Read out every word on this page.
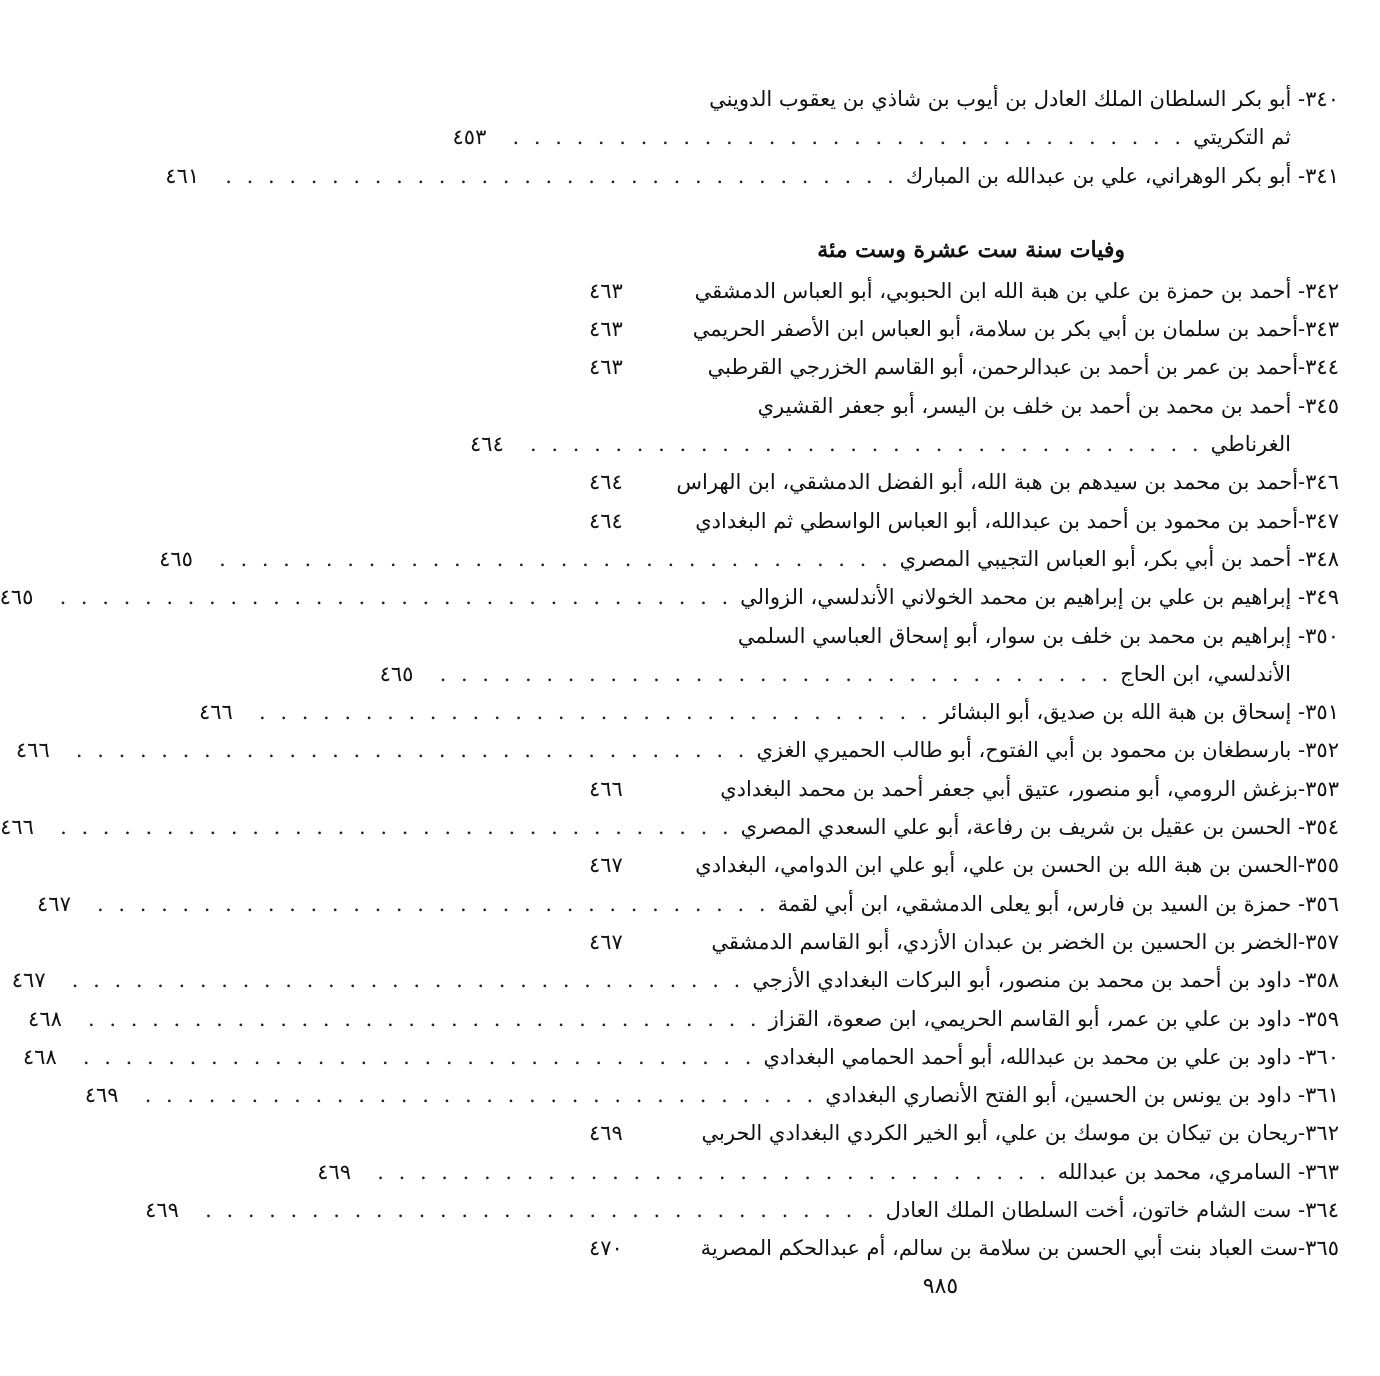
٣٤٠- أبو بكر السلطان الملك العادل بن أيوب بن شاذي بن يعقوب الدويني
ثم التكريتي
. . . . . . . . . . . . . . . . . . . . . . . . . . . . . . . .
٤٥٣
٣٤١- أبو بكر الوهراني، علي بن عبدالله بن المبارك
. . . . . . . . . . . . . . . . . . . . . . . . . . . . . . . .
٤٦١
وفيات سنة ست عشرة وست مئة
٣٤٢- أحمد بن حمزة بن علي بن هبة الله ابن الحبوبي، أبو العباس الدمشقي
٤٦٣
٣٤٣-أحمد بن سلمان بن أبي بكر بن سلامة، أبو العباس ابن الأصفر الحريمي
٤٦٣
٣٤٤-أحمد بن عمر بن أحمد بن عبدالرحمن، أبو القاسم الخزرجي القرطبي
٤٦٣
٣٤٥- أحمد بن محمد بن أحمد بن خلف بن اليسر، أبو جعفر القشيري
الغرناطي
. . . . . . . . . . . . . . . . . . . . . . . . . . . . . . . .
٤٦٤
٣٤٦-أحمد بن محمد بن سيدهم بن هبة الله، أبو الفضل الدمشقي، ابن الهراس
٤٦٤
٣٤٧-أحمد بن محمود بن أحمد بن عبدالله، أبو العباس الواسطي ثم البغدادي
٤٦٤
٣٤٨- أحمد بن أبي بكر، أبو العباس التجيبي المصري
. . . . . . . . . . . . . . . . . . . . . . . . . . . . . . . .
٤٦٥
٣٤٩- إبراهيم بن علي بن إبراهيم بن محمد الخولاني الأندلسي، الزوالي
. . . . . . . . . . . . . . . . . . . . . . . . . . . . . . . .
٤٦٥
٣٥٠- إبراهيم بن محمد بن خلف بن سوار، أبو إسحاق العباسي السلمي
الأندلسي، ابن الحاج
. . . . . . . . . . . . . . . . . . . . . . . . . . . . . . . .
٤٦٥
٣٥١- إسحاق بن هبة الله بن صديق، أبو البشائر
. . . . . . . . . . . . . . . . . . . . . . . . . . . . . . . .
٤٦٦
٣٥٢- بارسطغان بن محمود بن أبي الفتوح، أبو طالب الحميري الغزي
. . . . . . . . . . . . . . . . . . . . . . . . . . . . . . . .
٤٦٦
٣٥٣-بزغش الرومي، أبو منصور، عتيق أبي جعفر أحمد بن محمد البغدادي
٤٦٦
٣٥٤- الحسن بن عقيل بن شريف بن رفاعة، أبو علي السعدي المصري
. . . . . . . . . . . . . . . . . . . . . . . . . . . . . . . .
٤٦٦
٣٥٥-الحسن بن هبة الله بن الحسن بن علي، أبو علي ابن الدوامي، البغدادي
٤٦٧
٣٥٦- حمزة بن السيد بن فارس، أبو يعلى الدمشقي، ابن أبي لقمة
. . . . . . . . . . . . . . . . . . . . . . . . . . . . . . . .
٤٦٧
٣٥٧-الخضر بن الحسين بن الخضر بن عبدان الأزدي، أبو القاسم الدمشقي
٤٦٧
٣٥٨- داود بن أحمد بن محمد بن منصور، أبو البركات البغدادي الأزجي
. . . . . . . . . . . . . . . . . . . . . . . . . . . . . . . .
٤٦٧
٣٥٩- داود بن علي بن عمر، أبو القاسم الحريمي، ابن صعوة، القزاز
. . . . . . . . . . . . . . . . . . . . . . . . . . . . . . . .
٤٦٨
٣٦٠- داود بن علي بن محمد بن عبدالله، أبو أحمد الحمامي البغدادي
. . . . . . . . . . . . . . . . . . . . . . . . . . . . . . . .
٤٦٨
٣٦١- داود بن يونس بن الحسين، أبو الفتح الأنصاري البغدادي
. . . . . . . . . . . . . . . . . . . . . . . . . . . . . . . .
٤٦٩
٣٦٢-ريحان بن تيكان بن موسك بن علي، أبو الخير الكردي البغدادي الحربي
٤٦٩
٣٦٣- السامري، محمد بن عبدالله
. . . . . . . . . . . . . . . . . . . . . . . . . . . . . . . .
٤٦٩
٣٦٤- ست الشام خاتون، أخت السلطان الملك العادل
. . . . . . . . . . . . . . . . . . . . . . . . . . . . . . . .
٤٦٩
٣٦٥-ست العباد بنت أبي الحسن بن سلامة بن سالم، أم عبدالحكم المصرية
٤٧٠
٩٨٥
